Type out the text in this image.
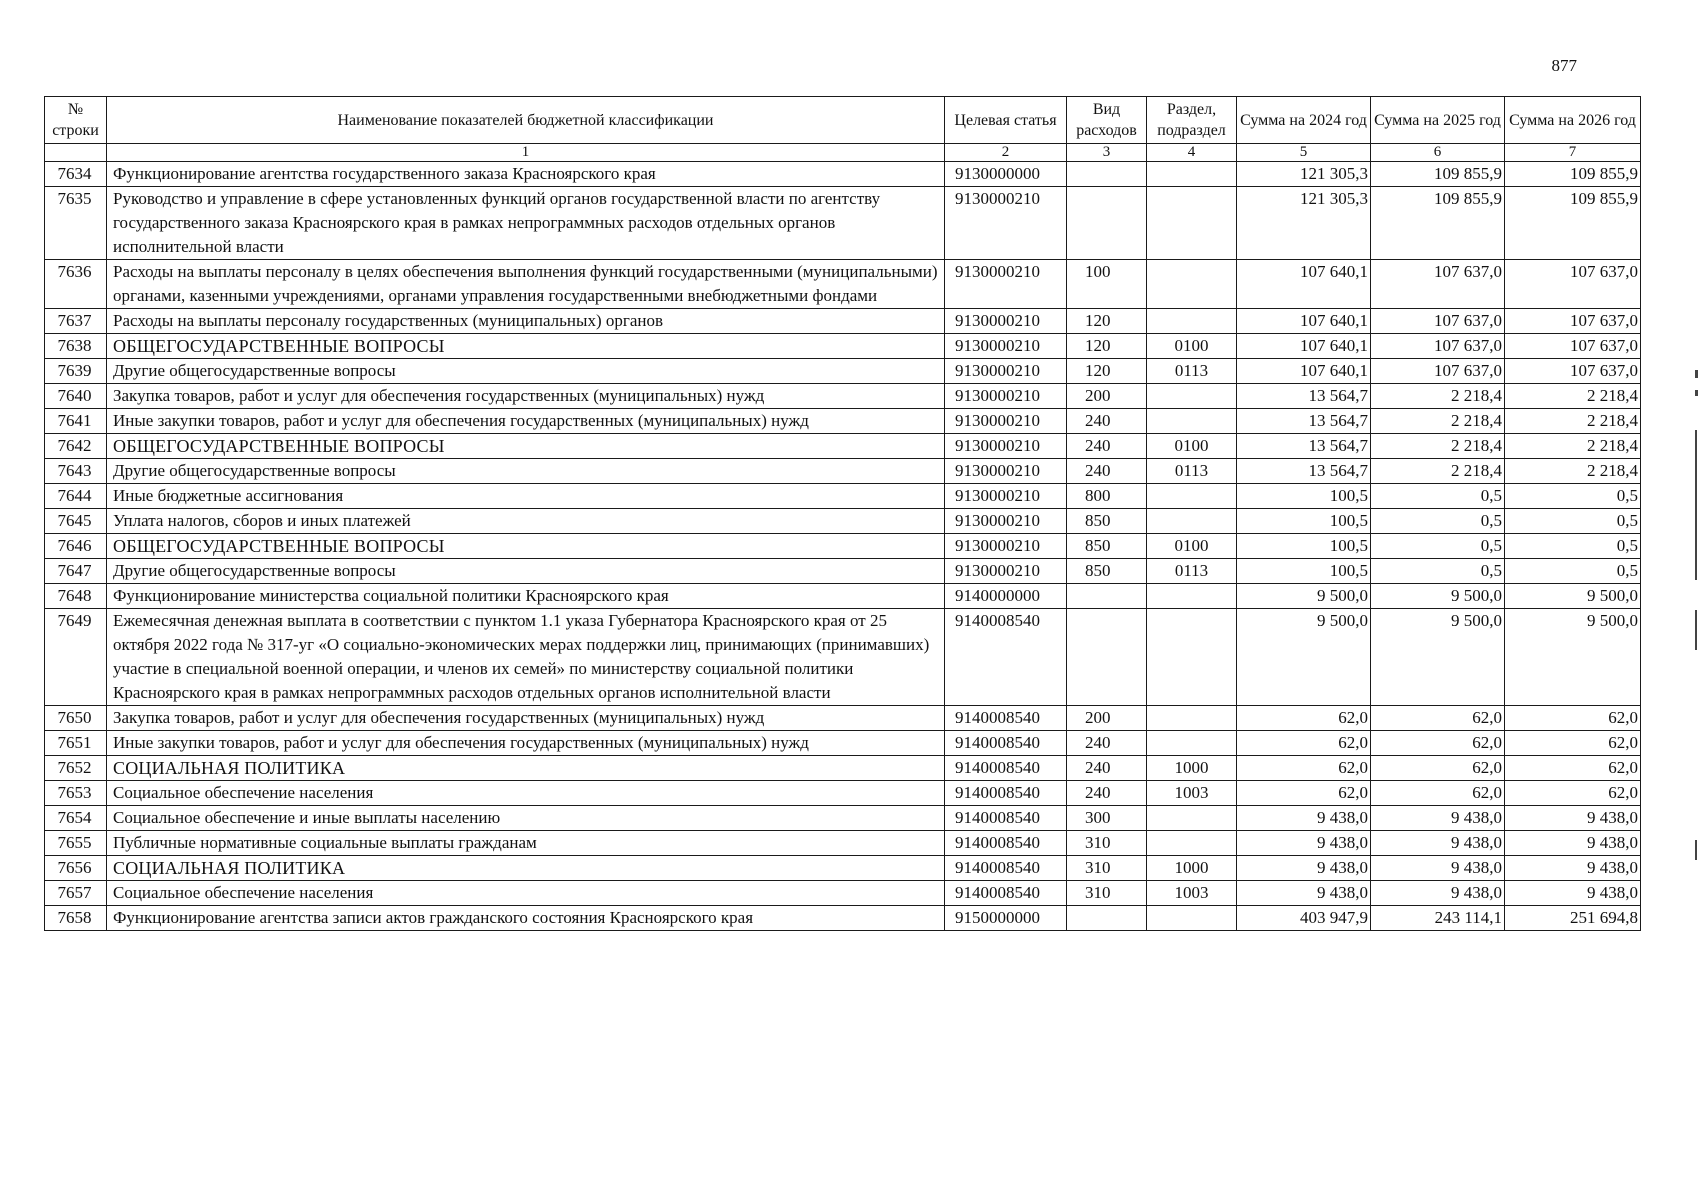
877
№ строки	Наименование показателей бюджетной классификации	Целевая статья	Вид расходов	Раздел, подраздел	Сумма на 2024 год	Сумма на 2025 год	Сумма на 2026 год
	1	2	3	4	5	6	7
7634	Функционирование агентства государственного заказа Красноярского края	9130000000			121 305,3	109 855,9	109 855,9
7635	Руководство и управление в сфере установленных функций органов государственной власти по агентству государственного заказа Красноярского края в рамках непрограммных расходов отдельных органов исполнительной власти	9130000210			121 305,3	109 855,9	109 855,9
7636	Расходы на выплаты персоналу в целях обеспечения выполнения функций государственными (муниципальными) органами, казенными учреждениями, органами управления государственными внебюджетными фондами	9130000210	100		107 640,1	107 637,0	107 637,0
7637	Расходы на выплаты персоналу государственных (муниципальных) органов	9130000210	120		107 640,1	107 637,0	107 637,0
7638	ОБЩЕГОСУДАРСТВЕННЫЕ ВОПРОСЫ	9130000210	120	0100	107 640,1	107 637,0	107 637,0
7639	Другие общегосударственные вопросы	9130000210	120	0113	107 640,1	107 637,0	107 637,0
7640	Закупка товаров, работ и услуг для обеспечения государственных (муниципальных) нужд	9130000210	200		13 564,7	2 218,4	2 218,4
7641	Иные закупки товаров, работ и услуг для обеспечения государственных (муниципальных) нужд	9130000210	240		13 564,7	2 218,4	2 218,4
7642	ОБЩЕГОСУДАРСТВЕННЫЕ ВОПРОСЫ	9130000210	240	0100	13 564,7	2 218,4	2 218,4
7643	Другие общегосударственные вопросы	9130000210	240	0113	13 564,7	2 218,4	2 218,4
7644	Иные бюджетные ассигнования	9130000210	800		100,5	0,5	0,5
7645	Уплата налогов, сборов и иных платежей	9130000210	850		100,5	0,5	0,5
7646	ОБЩЕГОСУДАРСТВЕННЫЕ ВОПРОСЫ	9130000210	850	0100	100,5	0,5	0,5
7647	Другие общегосударственные вопросы	9130000210	850	0113	100,5	0,5	0,5
7648	Функционирование министерства социальной политики Красноярского края	9140000000			9 500,0	9 500,0	9 500,0
7649	Ежемесячная денежная выплата в соответствии с пунктом 1.1 указа Губернатора Красноярского края от 25 октября 2022 года № 317-уг «О социально-экономических мерах поддержки лиц, принимающих (принимавших) участие в специальной военной операции, и членов их семей» по министерству социальной политики Красноярского края в рамках непрограммных расходов отдельных органов исполнительной власти	9140008540			9 500,0	9 500,0	9 500,0
7650	Закупка товаров, работ и услуг для обеспечения государственных (муниципальных) нужд	9140008540	200		62,0	62,0	62,0
7651	Иные закупки товаров, работ и услуг для обеспечения государственных (муниципальных) нужд	9140008540	240		62,0	62,0	62,0
7652	СОЦИАЛЬНАЯ ПОЛИТИКА	9140008540	240	1000	62,0	62,0	62,0
7653	Социальное обеспечение населения	9140008540	240	1003	62,0	62,0	62,0
7654	Социальное обеспечение и иные выплаты населению	9140008540	300		9 438,0	9 438,0	9 438,0
7655	Публичные нормативные социальные выплаты гражданам	9140008540	310		9 438,0	9 438,0	9 438,0
7656	СОЦИАЛЬНАЯ ПОЛИТИКА	9140008540	310	1000	9 438,0	9 438,0	9 438,0
7657	Социальное обеспечение населения	9140008540	310	1003	9 438,0	9 438,0	9 438,0
7658	Функционирование агентства записи актов гражданского состояния Красноярского края	9150000000			403 947,9	243 114,1	251 694,8
